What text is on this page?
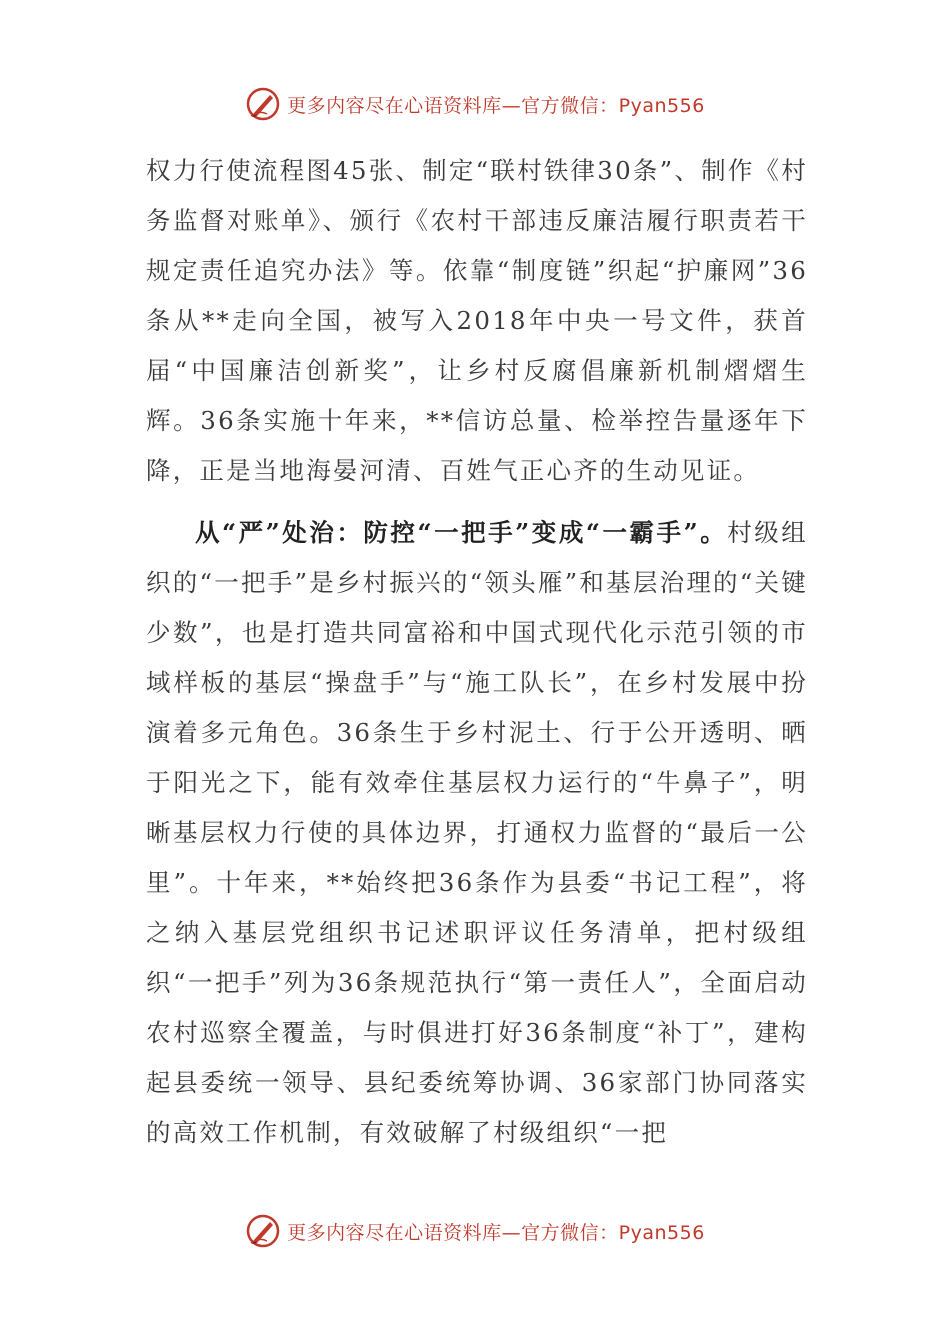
更多内容尽在心语资料库—官方微信：Pyan556

权力行使流程图45张、制定“联村铁律30条”、制作《村务监督对账单》、颁行《农村干部违反廉洁履行职责若干规定责任追究办法》等。依靠“制度链”织起“护廉网”36条从**走向全国，被写入2018年中央一号文件，获首届“中国廉洁创新奖”，让乡村反腐倡廉新机制熠熠生辉。36条实施十年来，**信访总量、检举控告量逐年下降，正是当地海晏河清、百姓气正心齐的生动见证。

从“严”处治：防控“一把手”变成“一霸手”。村级组织的“一把手”是乡村振兴的“领头雁”和基层治理的“关键少数”，也是打造共同富裕和中国式现代化示范引领的市域样板的基层“操盘手”与“施工队长”，在乡村发展中扮演着多元角色。36条生于乡村泥土、行于公开透明、晒于阳光之下，能有效牵住基层权力运行的“牛鼻子”，明晰基层权力行使的具体边界，打通权力监督的“最后一公里”。十年来，**始终把36条作为县委“书记工程”，将之纳入基层党组织书记述职评议任务清单，把村级组织“一把手”列为36条规范执行“第一责任人”，全面启动农村巡察全覆盖，与时俱进打好36条制度“补丁”，建构起县委统一领导、县纪委统筹协调、36家部门协同落实的高效工作机制，有效破解了村级组织“一把

更多内容尽在心语资料库—官方微信：Pyan556
